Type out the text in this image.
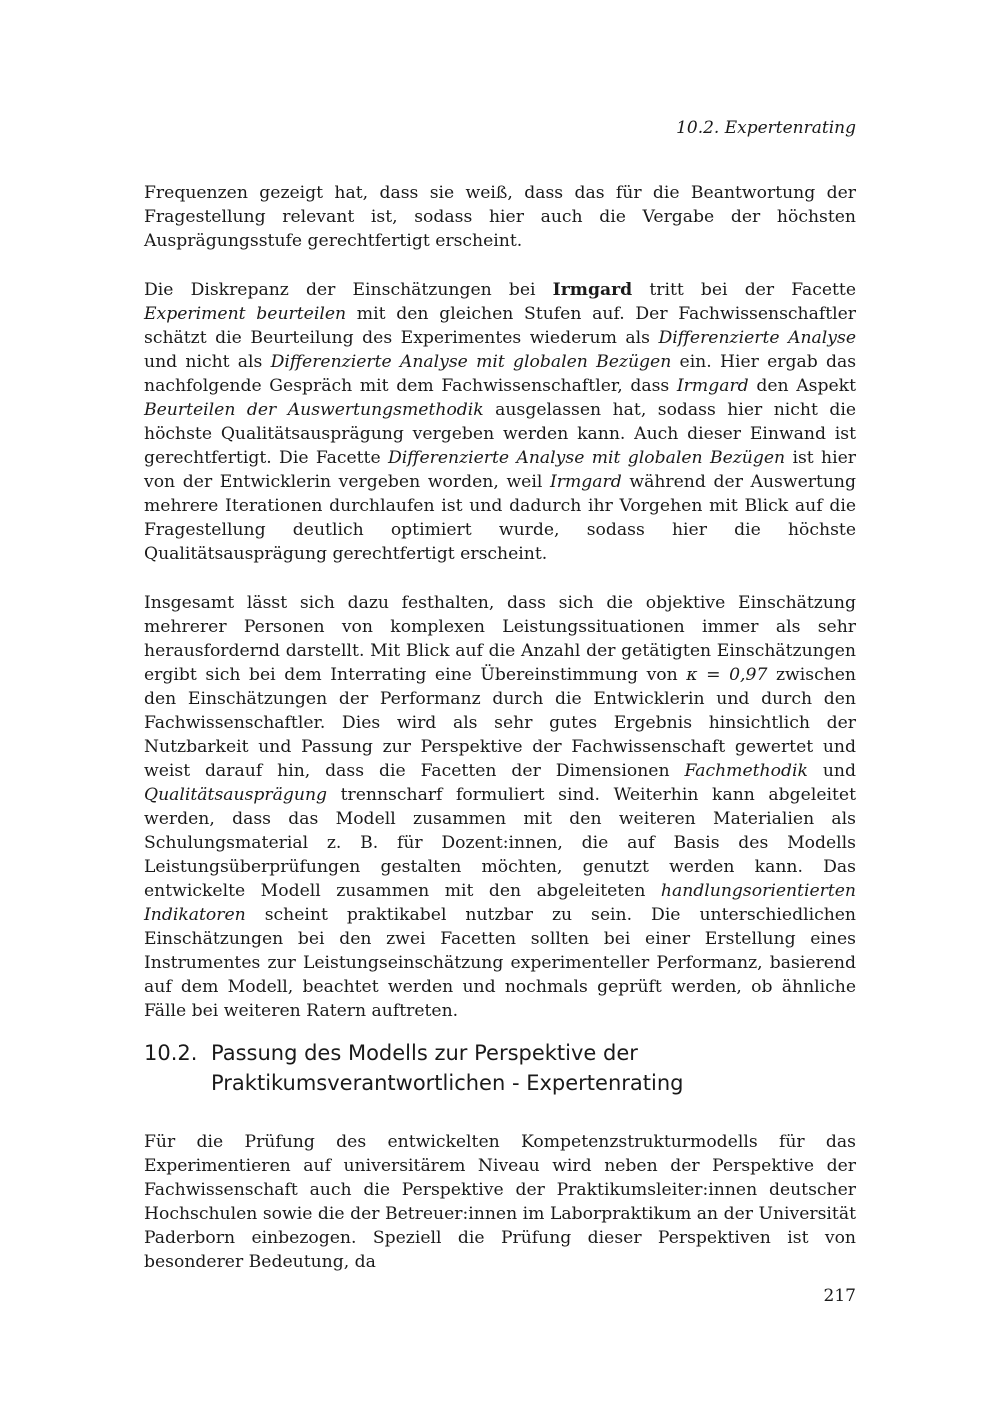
10.2. Expertenrating

Frequenzen gezeigt hat, dass sie weiß, dass das für die Beantwortung der Fragestellung relevant ist, sodass hier auch die Vergabe der höchsten Ausprägungsstufe gerechtfertigt erscheint.

Die Diskrepanz der Einschätzungen bei Irmgard tritt bei der Facette Experiment beurteilen mit den gleichen Stufen auf. Der Fachwissenschaftler schätzt die Beurteilung des Experimentes wiederum als Differenzierte Analyse und nicht als Differenzierte Analyse mit globalen Bezügen ein. Hier ergab das nachfolgende Gespräch mit dem Fachwissenschaftler, dass Irmgard den Aspekt Beurteilen der Auswertungsmethodik ausgelassen hat, sodass hier nicht die höchste Qualitätsausprägung vergeben werden kann. Auch dieser Einwand ist gerechtfertigt. Die Facette Differenzierte Analyse mit globalen Bezügen ist hier von der Entwicklerin vergeben worden, weil Irmgard während der Auswertung mehrere Iterationen durchlaufen ist und dadurch ihr Vorgehen mit Blick auf die Fragestellung deutlich optimiert wurde, sodass hier die höchste Qualitätsausprägung gerechtfertigt erscheint.

Insgesamt lässt sich dazu festhalten, dass sich die objektive Einschätzung mehrerer Personen von komplexen Leistungssituationen immer als sehr herausfordernd darstellt. Mit Blick auf die Anzahl der getätigten Einschätzungen ergibt sich bei dem Interrating eine Übereinstimmung von κ = 0,97 zwischen den Einschätzungen der Performanz durch die Entwicklerin und durch den Fachwissenschaftler. Dies wird als sehr gutes Ergebnis hinsichtlich der Nutzbarkeit und Passung zur Perspektive der Fachwissenschaft gewertet und weist darauf hin, dass die Facetten der Dimensionen Fachmethodik und Qualitätsausprägung trennscharf formuliert sind. Weiterhin kann abgeleitet werden, dass das Modell zusammen mit den weiteren Materialien als Schulungsmaterial z. B. für Dozent:innen, die auf Basis des Modells Leistungsüberprüfungen gestalten möchten, genutzt werden kann. Das entwickelte Modell zusammen mit den abgeleiteten handlungsorientierten Indikatoren scheint praktikabel nutzbar zu sein. Die unterschiedlichen Einschätzungen bei den zwei Facetten sollten bei einer Erstellung eines Instrumentes zur Leistungseinschätzung experimenteller Performanz, basierend auf dem Modell, beachtet werden und nochmals geprüft werden, ob ähnliche Fälle bei weiteren Ratern auftreten.

10.2. Passung des Modells zur Perspektive der Praktikumsverantwortlichen - Expertenrating

Für die Prüfung des entwickelten Kompetenzstrukturmodells für das Experimentieren auf universitärem Niveau wird neben der Perspektive der Fachwissenschaft auch die Perspektive der Praktikumsleiter:innen deutscher Hochschulen sowie die der Betreuer:innen im Laborpraktikum an der Universität Paderborn einbezogen. Speziell die Prüfung dieser Perspektiven ist von besonderer Bedeutung, da

217
